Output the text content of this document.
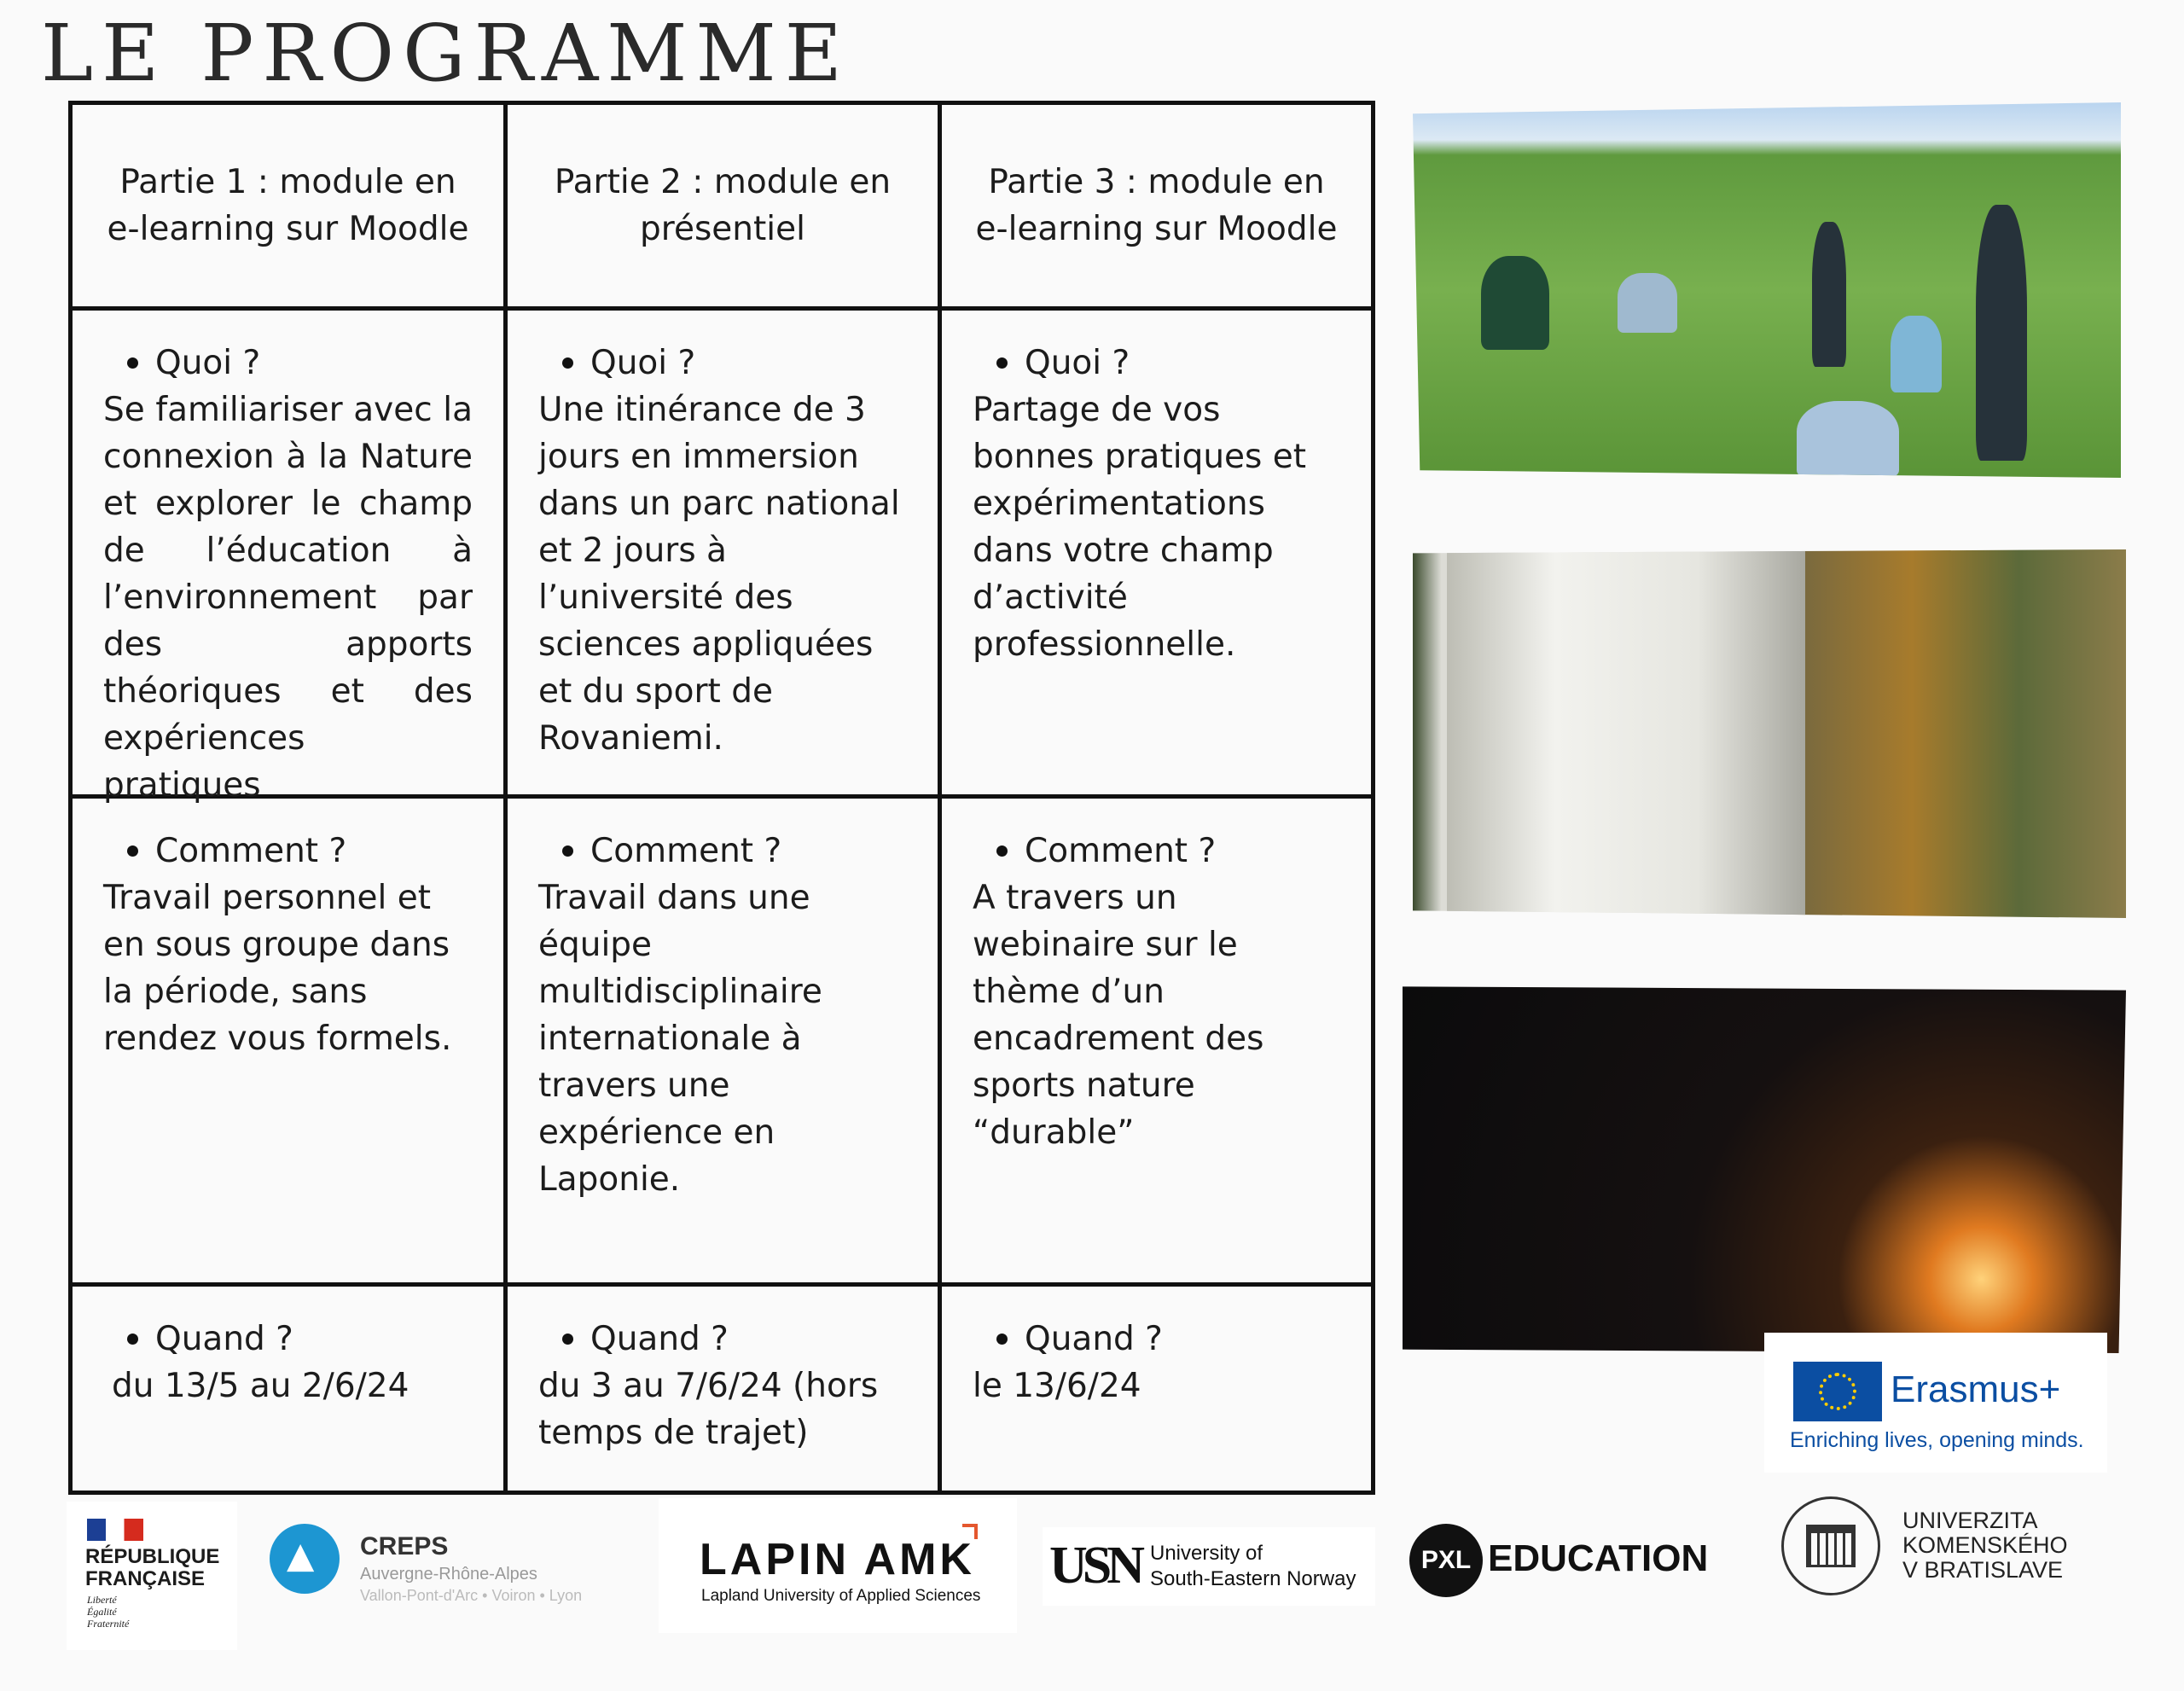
LE PROGRAMME
Partie 1 : module en e-learning sur Moodle
Partie 2 : module en présentiel
Partie 3 : module en e-learning sur Moodle
Quoi ?
Se familiariser avec la connexion à la Nature et explorer le champ de l’éducation à l’environnement par des apports théoriques et des expériences pratiques
Quoi ?
Une itinérance de 3 jours en immersion dans un parc national et 2 jours à l’université des sciences appliquées et du sport de Rovaniemi.
Quoi ?
Partage de vos bonnes pratiques et expérimentations dans votre champ d’activité professionnelle.
Comment ?
Travail personnel et en sous groupe dans la période, sans rendez vous formels.
Comment ?
Travail dans une équipe multidisciplinaire internationale à travers une expérience en Laponie.
Comment ?
A travers un webinaire sur le thème d’un encadrement des sports nature “durable”
Quand ?
du 13/5 au 2/6/24
Quand ?
du 3 au 7/6/24 (hors temps de trajet)
Quand ?
le 13/6/24	Erasmus+
Enriching lives, opening minds.
RÉPUBLIQUE
FRANÇAISE
Liberté
Égalité
Fraternité
▲
CREPS
Auvergne-Rhône-Alpes
Vallon-Pont-d'Arc • Voiron • Lyon
LAPIN AMK
Lapland University of Applied Sciences
USN University of
South-Eastern Norway
PXL EDUCATION
UNIVERZITA
KOMENSKÉHO
V BRATISLAVE
